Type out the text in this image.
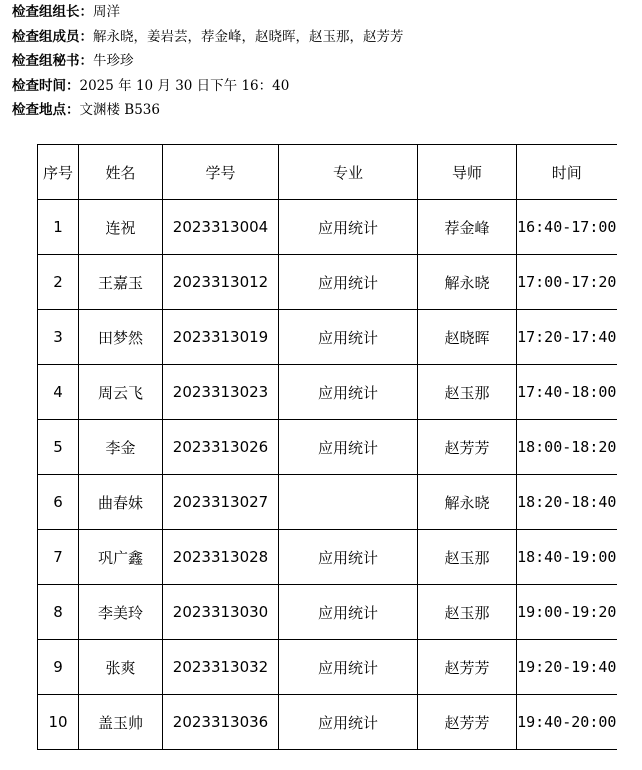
检查组组长：周洋
检查组成员：解永晓，姜岩芸，荐金峰，赵晓晖，赵玉那，赵芳芳
检查组秘书：牛珍珍
检查时间：2025 年 10 月 30 日下午 16：40
检查地点：文渊楼 B536
序号	姓名	学号	专业	导师	时间
1	连祝	2023313004	应用统计	荐金峰	16:40-17:00
2	王嘉玉	2023313012	应用统计	解永晓	17:00-17:20
3	田梦然	2023313019	应用统计	赵晓晖	17:20-17:40
4	周云飞	2023313023	应用统计	赵玉那	17:40-18:00
5	李金	2023313026	应用统计	赵芳芳	18:00-18:20
6	曲春妹	2023313027		解永晓	18:20-18:40
7	巩广鑫	2023313028	应用统计	赵玉那	18:40-19:00
8	李美玲	2023313030	应用统计	赵玉那	19:00-19:20
9	张爽	2023313032	应用统计	赵芳芳	19:20-19:40
10	盖玉帅	2023313036	应用统计	赵芳芳	19:40-20:00
